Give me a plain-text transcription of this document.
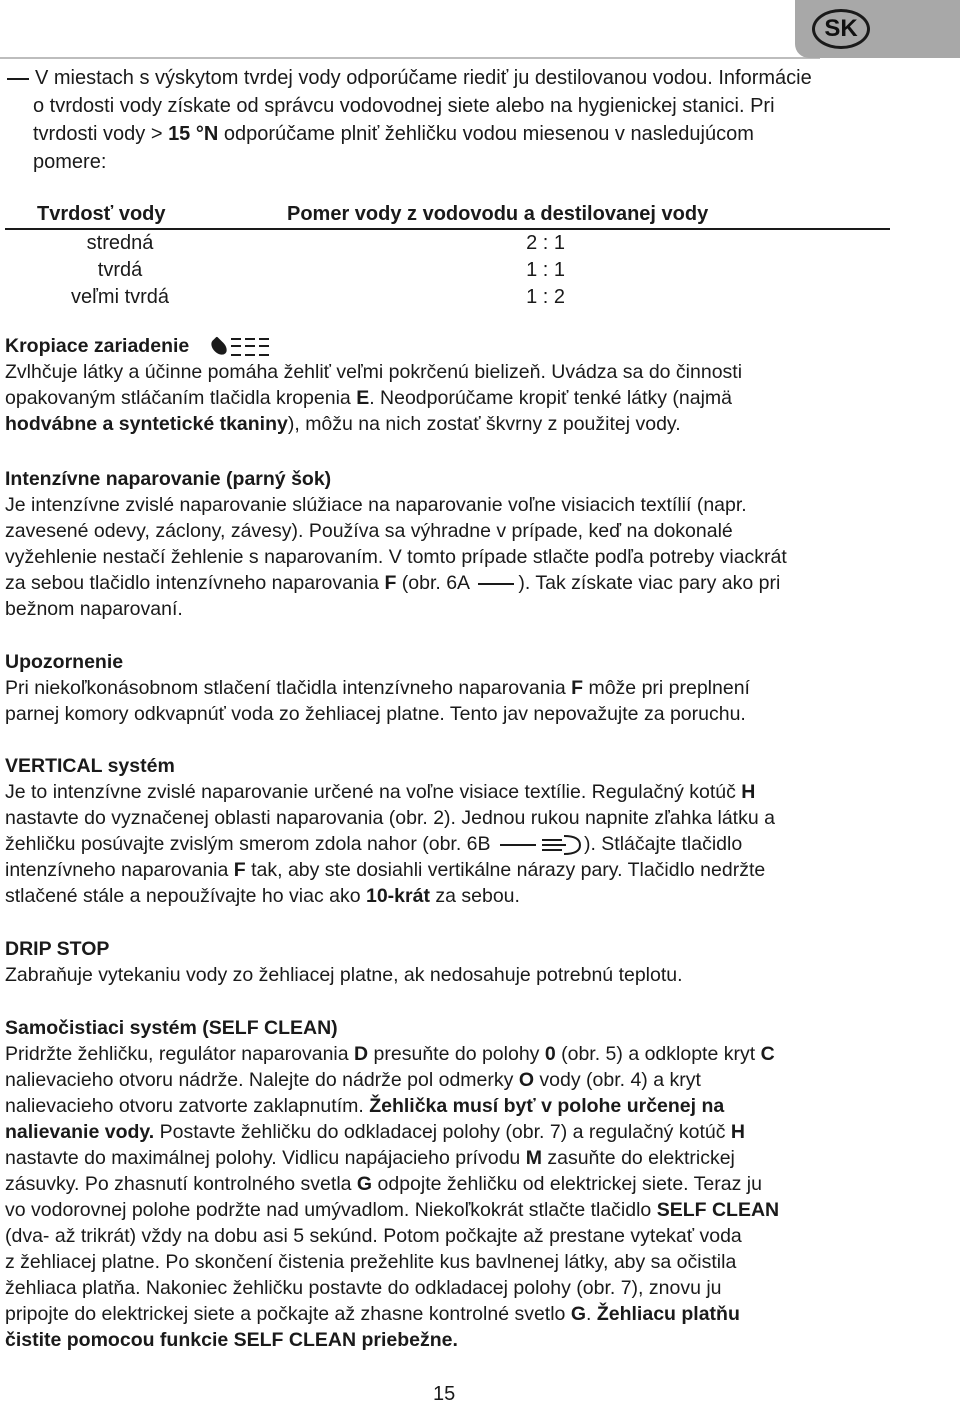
SK
V miestach s výskytom tvrdej vody odporúčame riediť ju destilovanou vodou. Informácie
o tvrdosti vody získate od správcu vodovodnej siete alebo na hygienickej stanici. Pri
tvrdosti vody > 15 °N odporúčame plniť žehličku vodou miesenou v nasledujúcom
pomere:
Tvrdosť vody	Pomer vody z vodovodu a destilovanej vody
stredná	2 : 1
tvrdá	1 : 1
veľmi tvrdá	1 : 2
Kropiace zariadenie
Zvlhčuje látky a účinne pomáha žehliť veľmi pokrčenú bielizeň. Uvádza sa do činnosti
opakovaným stláčaním tlačidla kropenia E. Neodporúčame kropiť tenké látky (najmä
hodvábne a syntetické tkaniny), môžu na nich zostať škvrny z použitej vody.
Intenzívne naparovanie (parný šok)
Je intenzívne zvislé naparovanie slúžiace na naparovanie voľne visiacich textílií (napr.
zavesené odevy, záclony, závesy). Používa sa výhradne v prípade, keď na dokonalé
vyžehlenie nestačí žehlenie s naparovaním. V tomto prípade stlačte podľa potreby viackrát
za sebou tlačidlo intenzívneho naparovania F (obr. 6A ). Tak získate viac pary ako pri
bežnom naparovaní.
Upozornenie
Pri niekoľkonásobnom stlačení tlačidla intenzívneho naparovania F môže pri preplnení
parnej komory odkvapnúť voda zo žehliacej platne. Tento jav nepovažujte za poruchu.
VERTICAL systém
Je to intenzívne zvislé naparovanie určené na voľne visiace textílie. Regulačný kotúč H
nastavte do vyznačenej oblasti naparovania (obr. 2). Jednou rukou napnite zľahka látku a
žehličku posúvajte zvislým smerom zdola nahor (obr. 6B	). Stláčajte tlačidlo
intenzívneho naparovania F tak, aby ste dosiahli vertikálne nárazy pary. Tlačidlo nedržte
stlačené stále a nepoužívajte ho viac ako 10-krát za sebou.
DRIP STOP
Zabraňuje vytekaniu vody zo žehliacej platne, ak nedosahuje potrebnú teplotu.
Samočistiaci systém (SELF CLEAN)
Pridržte žehličku, regulátor naparovania D presuňte do polohy 0 (obr. 5) a odklopte kryt C
nalievacieho otvoru nádrže. Nalejte do nádrže pol odmerky O vody (obr. 4) a kryt
nalievacieho otvoru zatvorte zaklapnutím. Žehlička musí byť v polohe určenej na
nalievanie vody. Postavte žehličku do odkladacej polohy (obr. 7) a regulačný kotúč H
nastavte do maximálnej polohy. Vidlicu napájacieho prívodu M zasuňte do elektrickej
zásuvky. Po zhasnutí kontrolného svetla G odpojte žehličku od elektrickej siete. Teraz ju
vo vodorovnej polohe podržte nad umývadlom. Niekoľkokrát stlačte tlačidlo SELF CLEAN
(dva- až trikrát) vždy na dobu asi 5 sekúnd. Potom počkajte až prestane vytekať voda
z žehliacej platne. Po skončení čistenia prežehlite kus bavlnenej látky, aby sa očistila
žehliaca platňa. Nakoniec žehličku postavte do odkladacej polohy (obr. 7), znovu ju
pripojte do elektrickej siete a počkajte až zhasne kontrolné svetlo G. Žehliacu platňu
čistite pomocou funkcie SELF CLEAN priebežne.
15
